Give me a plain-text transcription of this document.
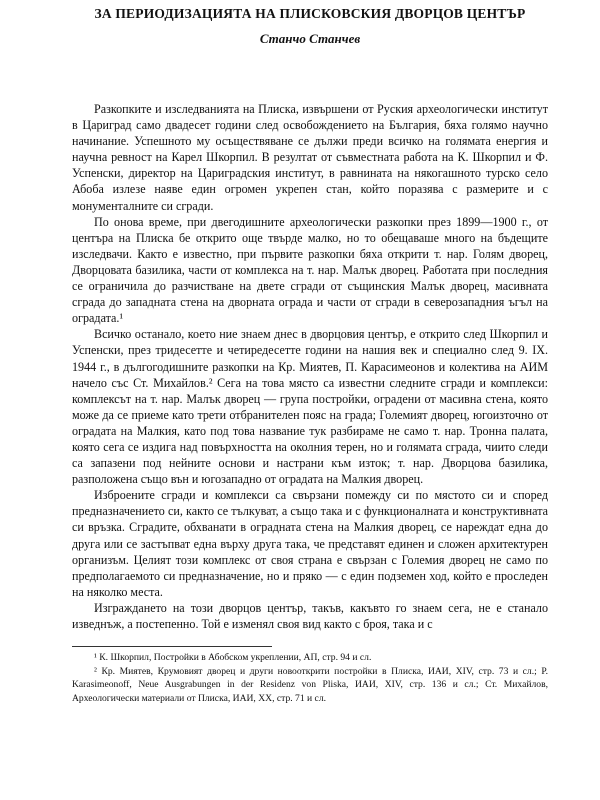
ЗА ПЕРИОДИЗАЦИЯТА НА ПЛИСКОВСКИЯ ДВОРЦОВ ЦЕНТЪР
Станчо Станчев

Разкопките и изследванията на Плиска, извършени от Руския археологически институт в Цариград само двадесет години след освобождението на България, бяха голямо научно начинание. Успешното му осъществяване се дължи преди всичко на голямата енергия и научна ревност на Карел Шкорпил. В резултат от съвместната работа на К. Шкорпил и Ф. Успенски, директор на Цариградския институт, в равнината на някогашното турско село Абоба излезе наяве един огромен укрепен стан, който поразява с размерите и с монументалните си сгради.

По онова време, при двегодишните археологически разкопки през 1899—1900 г., от центъра на Плиска бе открито още твърде малко, но то обещаваше много на бъдещите изследвачи. Както е известно, при първите разкопки бяха открити т. нар. Голям дворец, Дворцовата базилика, части от комплекса на т. нар. Малък дворец. Работата при последния се ограничила до разчистване на двете сгради от същинския Малък дворец, масивната сграда до западната стена на дворната ограда и части от сгради в северозападния ъгъл на оградата.¹

Всичко останало, което ние знаем днес в дворцовия център, е открито след Шкорпил и Успенски, през тридесетте и четиредесетте години на нашия век и специално след 9. IX. 1944 г., в дългогодишните разкопки на Кр. Миятев, П. Карасимеонов и колектива на АИМ начело със Ст. Михайлов.² Сега на това място са известни следните сгради и комплекси: комплексът на т. нар. Малък дворец — група постройки, оградени от масивна стена, която може да се приеме като трети отбранителен пояс на града; Големият дворец, югоизточно от оградата на Малкия, като под това название тук разбираме не само т. нар. Тронна палата, която сега се издига над повърхността на околния терен, но и голямата сграда, чиито следи са запазени под нейните основи и настрани към изток; т. нар. Дворцова базилика, разположена също вън и югозападно от оградата на Малкия дворец.

Изброените сгради и комплекси са свързани помежду си по мястото си и според предназначението си, както се тълкуват, а също така и с функционалната и конструктивната си връзка. Сградите, обхванати в оградната стена на Малкия дворец, се нареждат една до друга или се застъпват една върху друга така, че представят единен и сложен архитектурен организъм. Целият този комплекс от своя страна е свързан с Големия дворец не само по предполагаемото си предназначение, но и пряко — с един подземен ход, който е проследен на няколко места.

Изграждането на този дворцов център, такъв, какъвто го знаем сега, не е станало изведнъж, а постепенно. Той е изменял своя вид както с броя, така и с

¹ К. Шкорпил, Постройки в Абобском укреплении, АП, стр. 94 и сл.

² Кр. Миятев, Крумовият дворец и други новооткрити постройки в Плиска, ИАИ, XIV, стр. 73 и сл.; P. Karasimeonoff, Neue Ausgrabungen in der Residenz von Pliska, ИАИ, XIV, стр. 136 и сл.; Ст. Михайлов, Археологически материали от Плиска, ИАИ, XX, стр. 71 и сл.
